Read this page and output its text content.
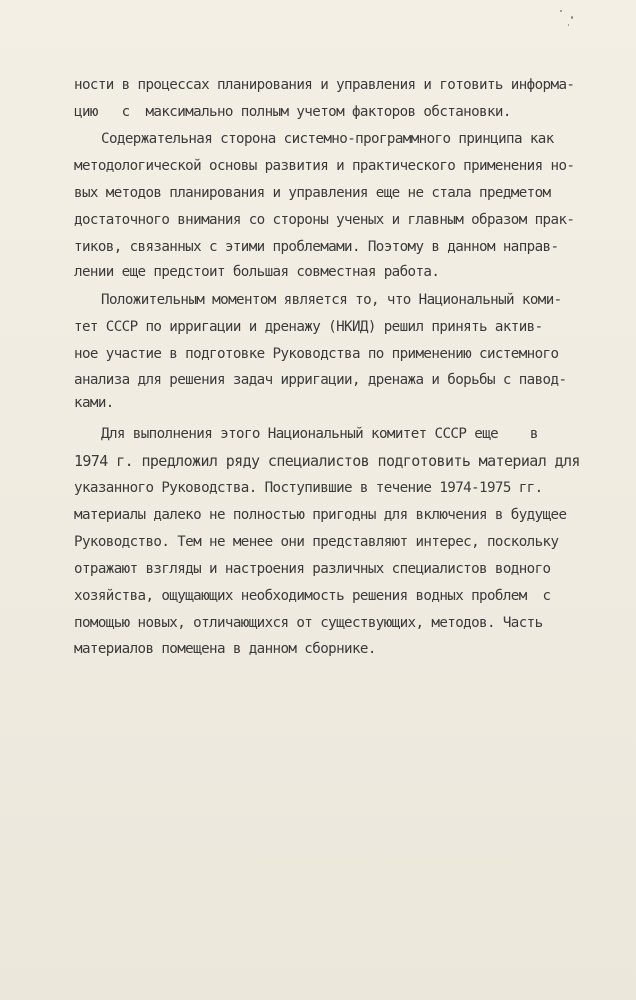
ности в процессах планирования и управления и готовить информа-
цию   с  максимально полным учетом факторов обстановки.
Содержательная сторона системно-программного принципа как
методологической основы развития и практического применения но-
вых методов планирования и управления еще не стала предметом
достаточного внимания со стороны ученых и главным образом прак-
тиков, связанных с этими проблемами. Поэтому в данном направ-
лении еще предстоит большая совместная работа.
Положительным моментом является то, что Национальный коми-
тет СССР по ирригации и дренажу (НКИД) решил принять актив-
ное участие в подготовке Руководства по применению системного
анализа для решения задач ирригации, дренажа и борьбы с павод-
ками.
Для выполнения этого Национальный комитет СССР еще    в
1974 г. предложил ряду специалистов подготовить материал для
указанного Руководства. Поступившие в течение 1974-1975 гг.
материалы далеко не полностью пригодны для включения в будущее
Руководство. Тем не менее они представляют интерес, поскольку
отражают взгляды и настроения различных специалистов водного
хозяйства, ощущающих необходимость решения водных проблем  с
помощью новых, отличающихся от существующих, методов. Часть
материалов помещена в данном сборнике.
